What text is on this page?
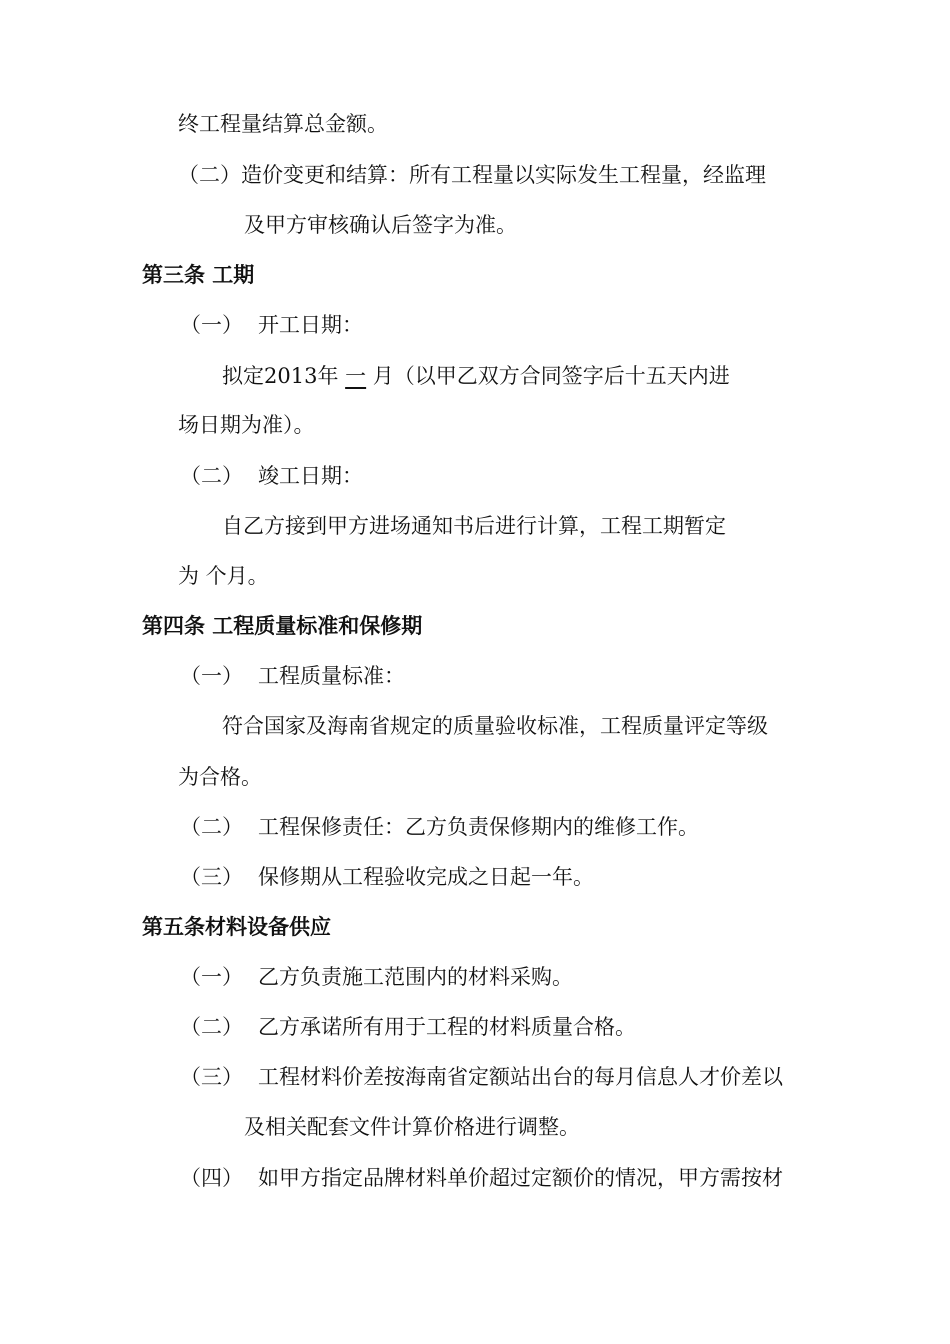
终工程量结算总金额。
（二）造价变更和结算：所有工程量以实际发生工程量，经监理
及甲方审核确认后签字为准。
第三条 工期
（一） 开工日期：
拟定2013年 一 月（以甲乙双方合同签字后十五天内进
场日期为准）。
（二） 竣工日期：
自乙方接到甲方进场通知书后进行计算，工程工期暂定
为 个月。
第四条 工程质量标准和保修期
（一） 工程质量标准：
符合国家及海南省规定的质量验收标准，工程质量评定等级
为合格。
（二） 工程保修责任：乙方负责保修期内的维修工作。
（三） 保修期从工程验收完成之日起一年。
第五条材料设备供应
（一） 乙方负责施工范围内的材料采购。
（二） 乙方承诺所有用于工程的材料质量合格。
（三） 工程材料价差按海南省定额站出台的每月信息人才价差以
及相关配套文件计算价格进行调整。
（四） 如甲方指定品牌材料单价超过定额价的情况，甲方需按材
